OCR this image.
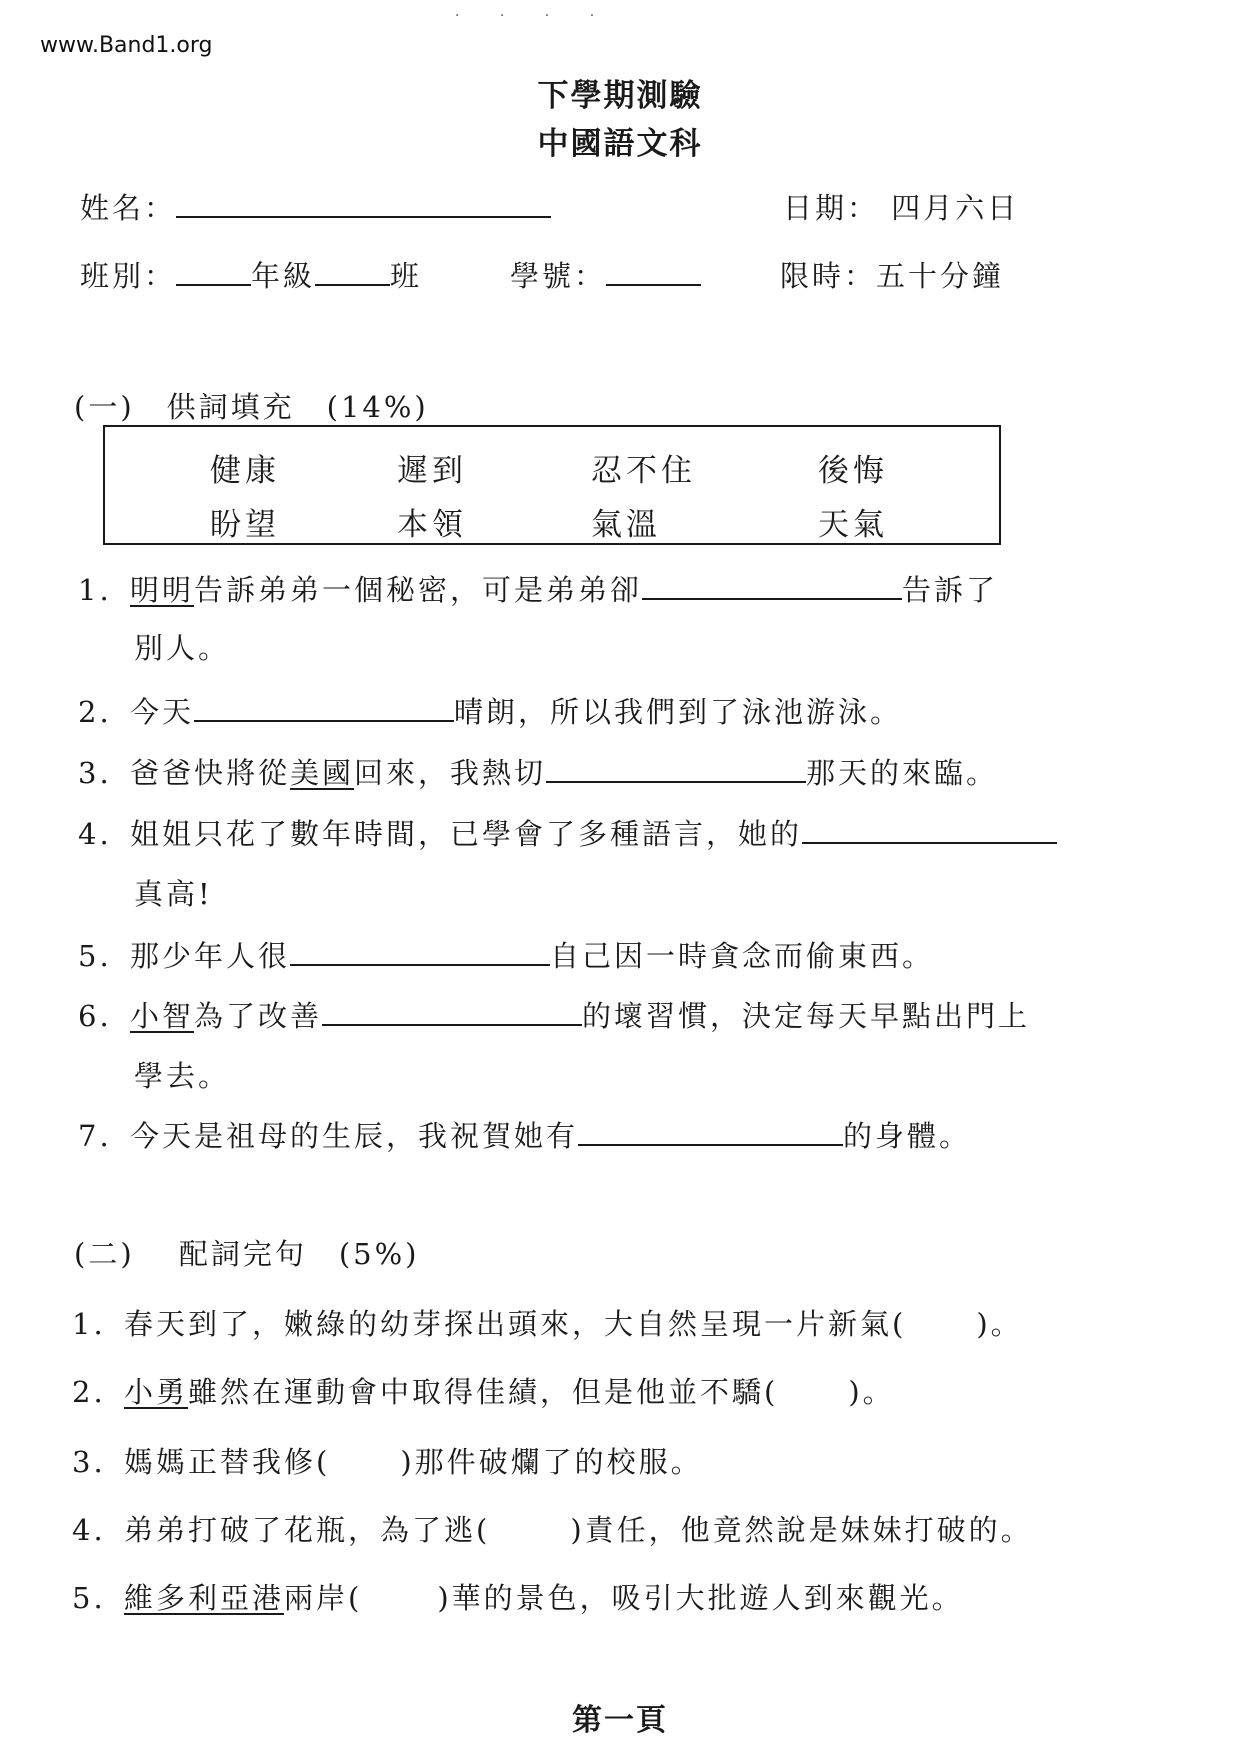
· · · ·
www.Band1.org
下學期測驗
中國語文科
姓名：	日期： 四月六日
班別：	年級	班	學號：	限時：五十分鐘
(一)　供詞填充　(14%)
健康	遲到	忍不住	後悔
盼望	本領	氣溫	天氣
1. 明明告訴弟弟一個秘密，可是弟弟卻	告訴了
別人。
2. 今天	晴朗，所以我們到了泳池游泳。
3. 爸爸快將從美國回來，我熱切	那天的來臨。
4. 姐姐只花了數年時間，已學會了多種語言，她的
真高!
5. 那少年人很	自己因一時貪念而偷東西。
6. 小智為了改善	的壞習慣，決定每天早點出門上
學去。
7. 今天是祖母的生辰，我祝賀她有	的身體。
(二)　 配詞完句　(5%)
1. 春天到了，嫩綠的幼芽探出頭來，大自然呈現一片新氣( )。
2. 小勇雖然在運動會中取得佳績，但是他並不驕( )。
3. 媽媽正替我修( )那件破爛了的校服。
4. 弟弟打破了花瓶，為了逃(	)責任，他竟然說是妹妹打破的。
5. 維多利亞港兩岸(	)華的景色，吸引大批遊人到來觀光。
第一頁
